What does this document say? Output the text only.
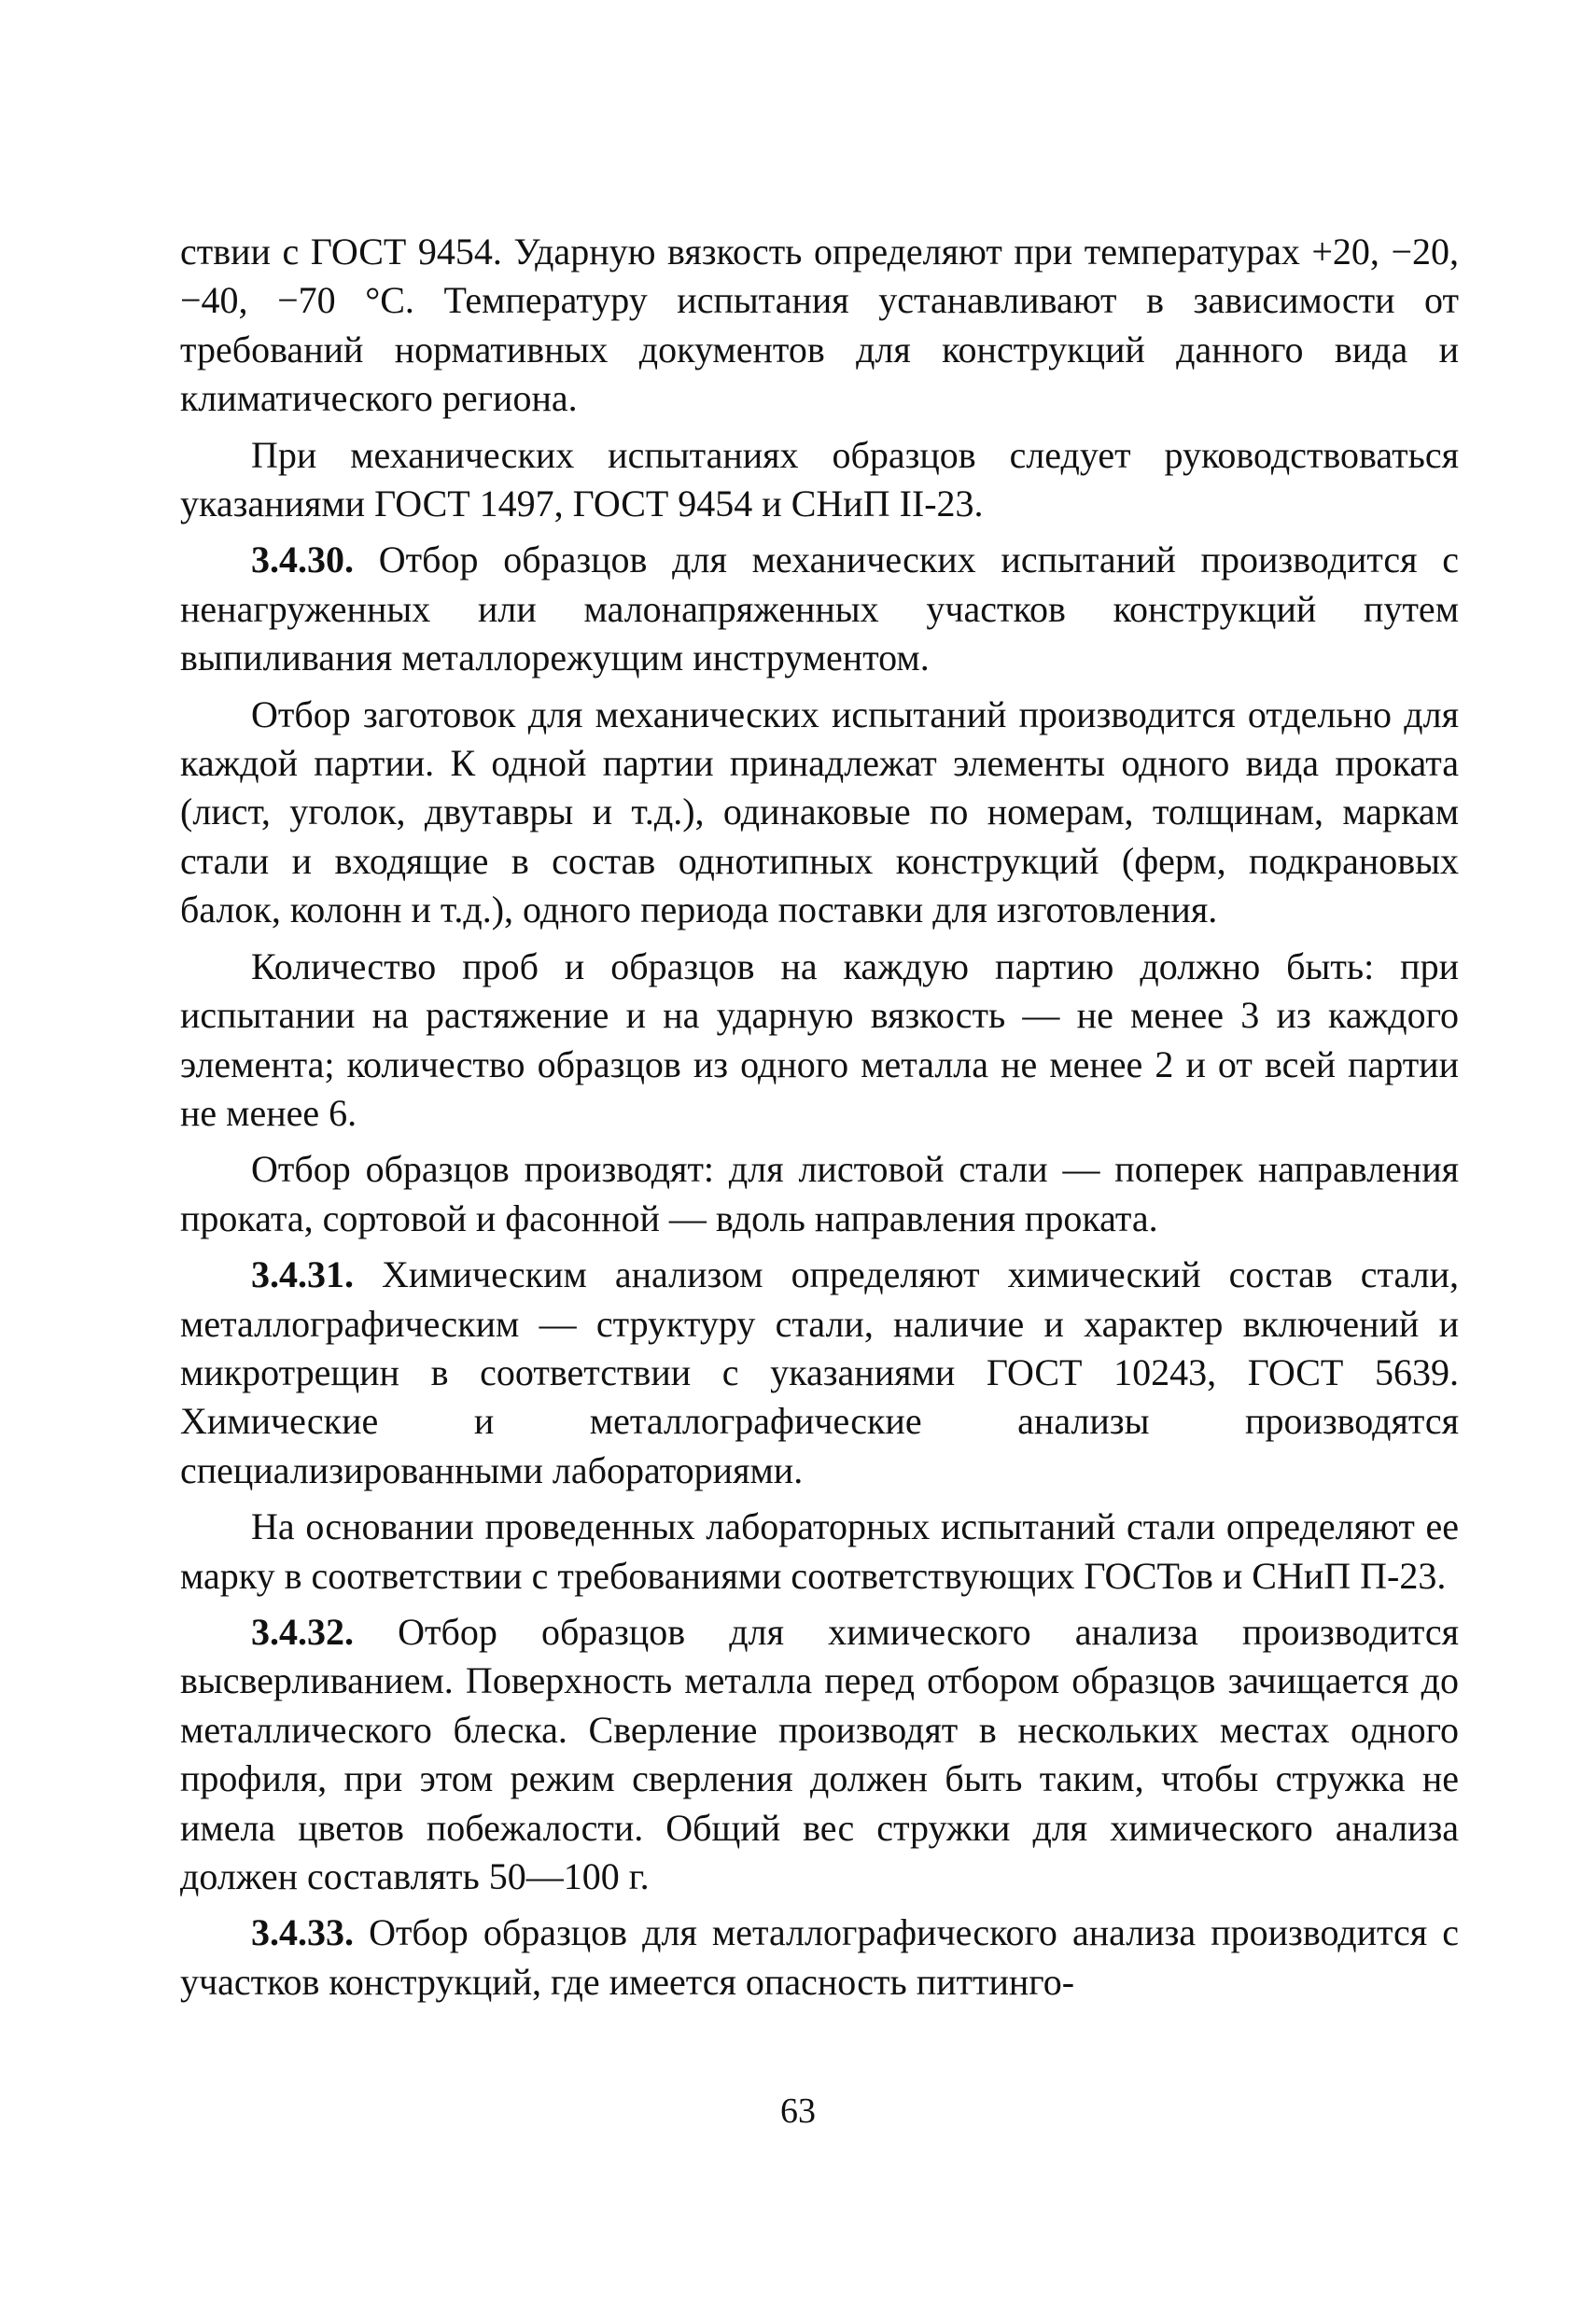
ствии с ГОСТ 9454. Ударную вязкость определяют при температурах +20, −20, −40, −70 °С. Температуру испытания устанавливают в зависимости от требований нормативных документов для конструкций данного вида и климатического региона.

При механических испытаниях образцов следует руководствоваться указаниями ГОСТ 1497, ГОСТ 9454 и СНиП II-23.

3.4.30. Отбор образцов для механических испытаний производится с ненагруженных или малонапряженных участков конструкций путем выпиливания металлорежущим инструментом.

Отбор заготовок для механических испытаний производится отдельно для каждой партии. К одной партии принадлежат элементы одного вида проката (лист, уголок, двутавры и т.д.), одинаковые по номерам, толщинам, маркам стали и входящие в состав однотипных конструкций (ферм, подкрановых балок, колонн и т.д.), одного периода поставки для изготовления.

Количество проб и образцов на каждую партию должно быть: при испытании на растяжение и на ударную вязкость — не менее 3 из каждого элемента; количество образцов из одного металла не менее 2 и от всей партии не менее 6.

Отбор образцов производят: для листовой стали — поперек направления проката, сортовой и фасонной — вдоль направления проката.

3.4.31. Химическим анализом определяют химический состав стали, металлографическим — структуру стали, наличие и характер включений и микротрещин в соответствии с указаниями ГОСТ 10243, ГОСТ 5639. Химические и металлографические анализы производятся специализированными лабораториями.

На основании проведенных лабораторных испытаний стали определяют ее марку в соответствии с требованиями соответствующих ГОСТов и СНиП П-23.

3.4.32. Отбор образцов для химического анализа производится высверливанием. Поверхность металла перед отбором образцов зачищается до металлического блеска. Сверление производят в нескольких местах одного профиля, при этом режим сверления должен быть таким, чтобы стружка не имела цветов побежалости. Общий вес стружки для химического анализа должен составлять 50—100 г.

3.4.33. Отбор образцов для металлографического анализа производится с участков конструкций, где имеется опасность питтинго-

63
